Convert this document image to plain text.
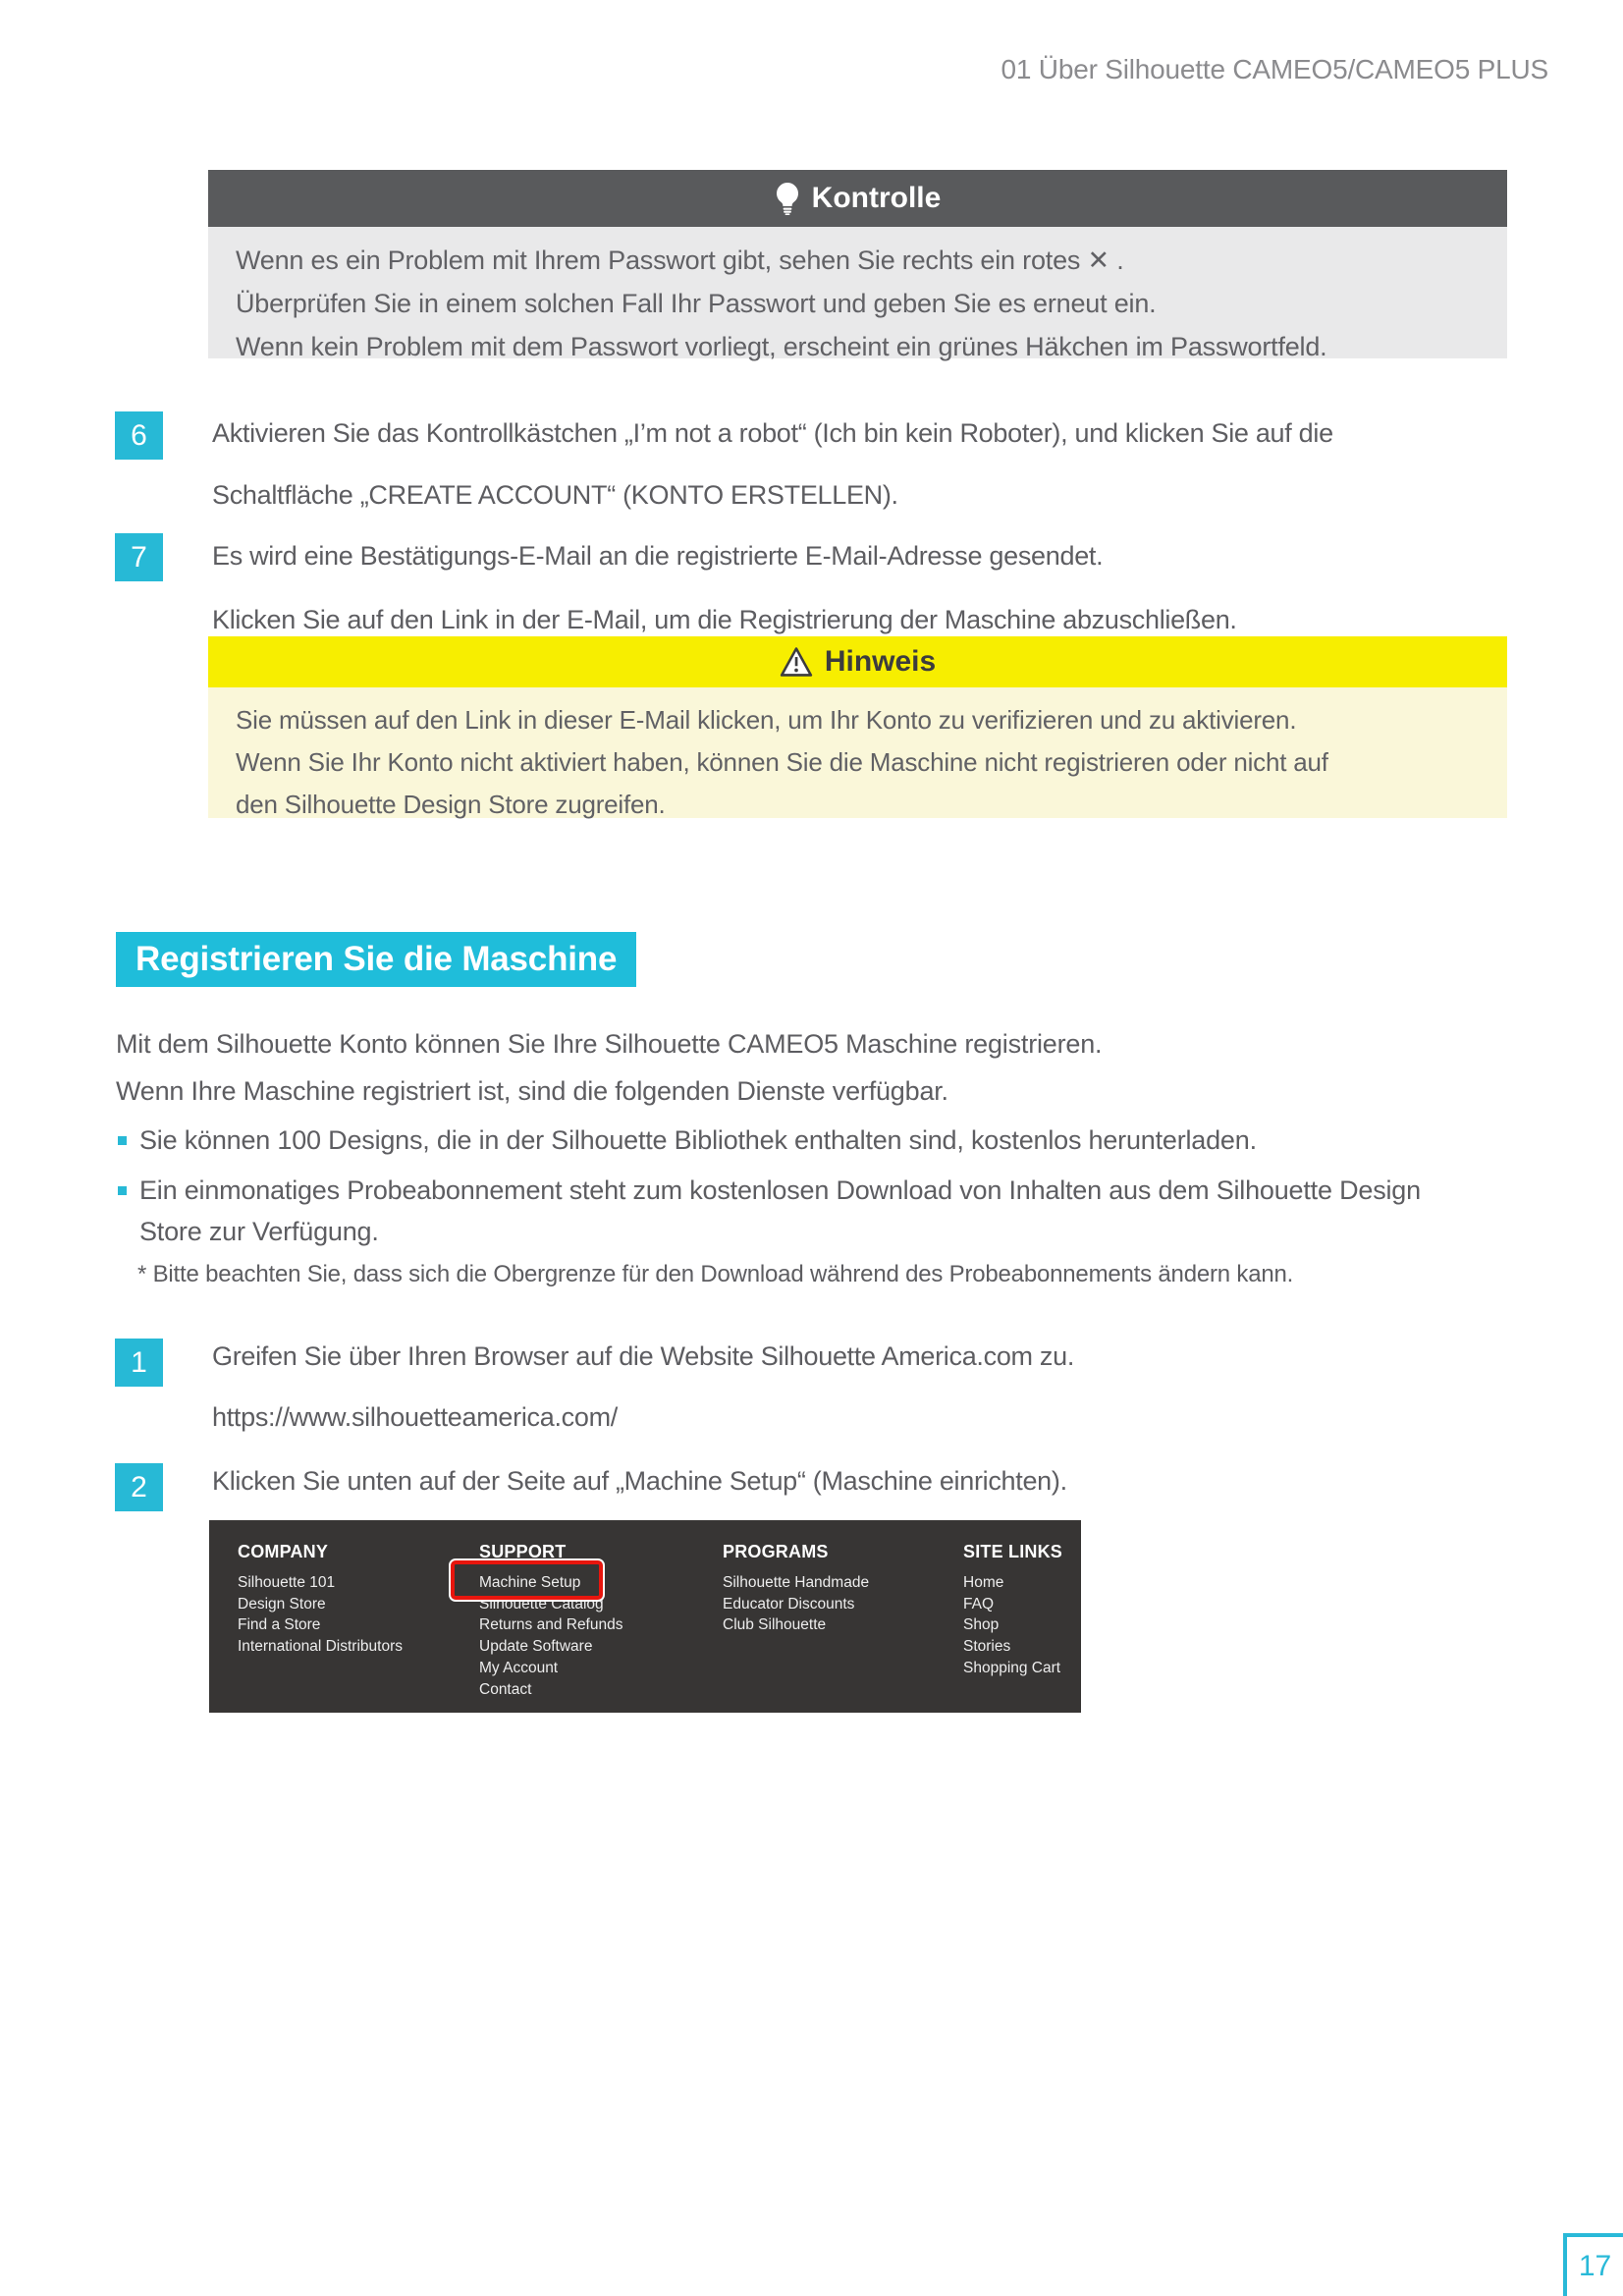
01 Über Silhouette CAMEO5/CAMEO5 PLUS
Kontrolle
Wenn es ein Problem mit Ihrem Passwort gibt, sehen Sie rechts ein rotes ✕ .
Überprüfen Sie in einem solchen Fall Ihr Passwort und geben Sie es erneut ein.
Wenn kein Problem mit dem Passwort vorliegt, erscheint ein grünes Häkchen im Passwortfeld.
6	Aktivieren Sie das Kontrollkästchen „I’m not a robot“ (Ich bin kein Roboter), und klicken Sie auf die
Schaltfläche „CREATE ACCOUNT“ (KONTO ERSTELLEN).
7	Es wird eine Bestätigungs-E-Mail an die registrierte E-Mail-Adresse gesendet.
Klicken Sie auf den Link in der E-Mail, um die Registrierung der Maschine abzuschließen.
Hinweis
Sie müssen auf den Link in dieser E-Mail klicken, um Ihr Konto zu verifizieren und zu aktivieren.
Wenn Sie Ihr Konto nicht aktiviert haben, können Sie die Maschine nicht registrieren oder nicht auf
den Silhouette Design Store zugreifen.
Registrieren Sie die Maschine
Mit dem Silhouette Konto können Sie Ihre Silhouette CAMEO5 Maschine registrieren.
Wenn Ihre Maschine registriert ist, sind die folgenden Dienste verfügbar.
Sie können 100 Designs, die in der Silhouette Bibliothek enthalten sind, kostenlos herunterladen.
Ein einmonatiges Probeabonnement steht zum kostenlosen Download von Inhalten aus dem Silhouette Design
Store zur Verfügung.
* Bitte beachten Sie, dass sich die Obergrenze für den Download während des Probeabonnements ändern kann.
1	Greifen Sie über Ihren Browser auf die Website Silhouette America.com zu.
https://www.silhouetteamerica.com/
2	Klicken Sie unten auf der Seite auf „Machine Setup“ (Maschine einrichten).
COMPANY
Silhouette 101
Design Store
Find a Store
International Distributors
SUPPORT
Machine Setup
Silhouette Catalog
Returns and Refunds
Update Software
My Account
Contact
PROGRAMS
Silhouette Handmade
Educator Discounts
Club Silhouette
SITE LINKS
Home
FAQ
Shop
Stories
Shopping Cart
17
